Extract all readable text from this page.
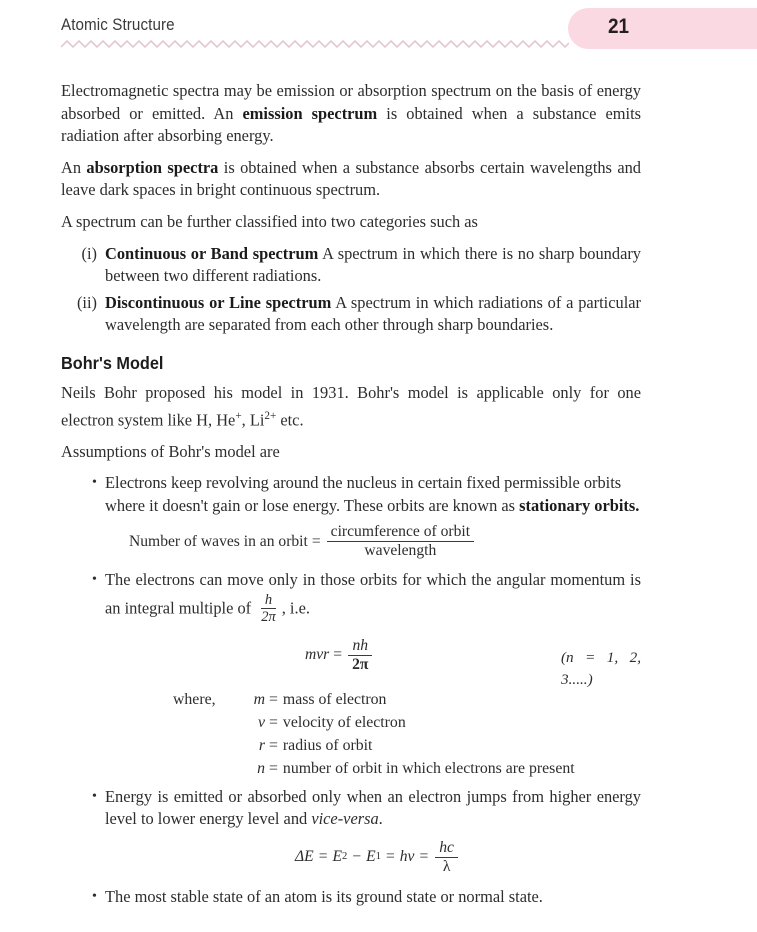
Atomic Structure	21

Electromagnetic spectra may be emission or absorption spectrum on the basis of energy absorbed or emitted. An emission spectrum is obtained when a substance emits radiation after absorbing energy.

An absorption spectra is obtained when a substance absorbs certain wavelengths and leave dark spaces in bright continuous spectrum.

A spectrum can be further classified into two categories such as

(i) Continuous or Band spectrum A spectrum in which there is no sharp boundary between two different radiations.
(ii) Discontinuous or Line spectrum A spectrum in which radiations of a particular wavelength are separated from each other through sharp boundaries.
Bohr's Model

Neils Bohr proposed his model in 1931. Bohr's model is applicable only for one electron system like H, He+, $Li^{2+}$ etc.

Assumptions of Bohr's model are

• Electrons keep revolving around the nucleus in certain fixed permissible orbits where it doesn't gain or lose energy. These orbits are known as stationary orbits.
Number of waves in an orbit = $\frac{\text{circumference of orbit}}{\text{wavelength}}$
• The electrons can move only in those orbits for which the angular momentum is an integral multiple of $\frac{h}{2\pi}$ , i.e.
mvr = $\frac{nh}{2\pi}$	(n = 1, 2, 3.....)
where,	m = mass of electron
v = velocity of electron
r = radius of orbit
n = number of orbit in which electrons are present
• Energy is emitted or absorbed only when an electron jumps from higher energy level to lower energy level and vice-versa.
ΔE = E 2 − E 1 = hv = $\frac{hc}{\lambda}$
• The most stable state of an atom is its ground state or normal state.
